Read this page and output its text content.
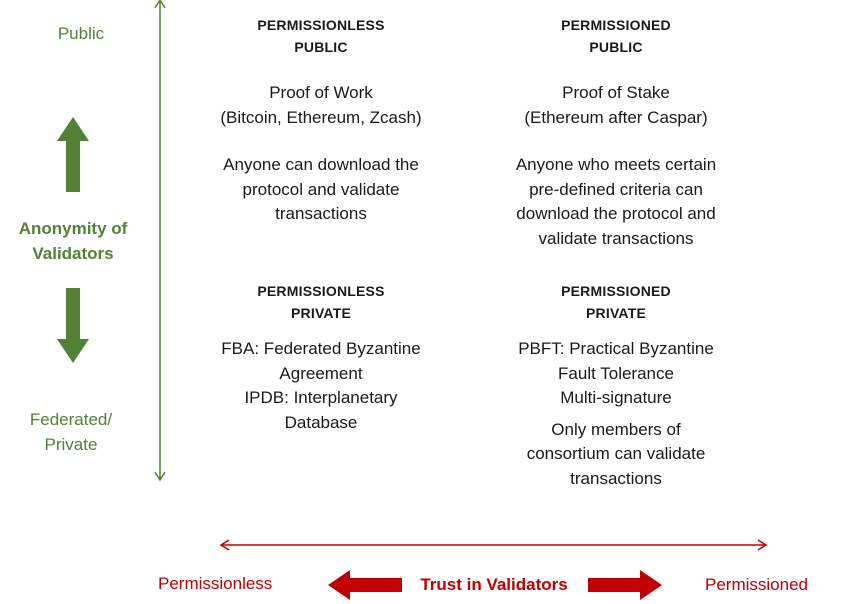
Public
Anonymity of
Validators
Federated/
Private
PERMISSIONLESS
PUBLIC
Proof of Work
(Bitcoin, Ethereum, Zcash)
Anyone can download the
protocol and validate
transactions
PERMISSIONED
PUBLIC
Proof of Stake
(Ethereum after Caspar)
Anyone who meets certain
pre-defined criteria can
download the protocol and
validate transactions
PERMISSIONLESS
PRIVATE
FBA: Federated Byzantine
Agreement
IPDB: Interplanetary
Database
PERMISSIONED
PRIVATE
PBFT: Practical Byzantine
Fault Tolerance
Multi-signature
Only members of
consortium can validate
transactions
Permissionless	Trust in Validators	Permissioned
